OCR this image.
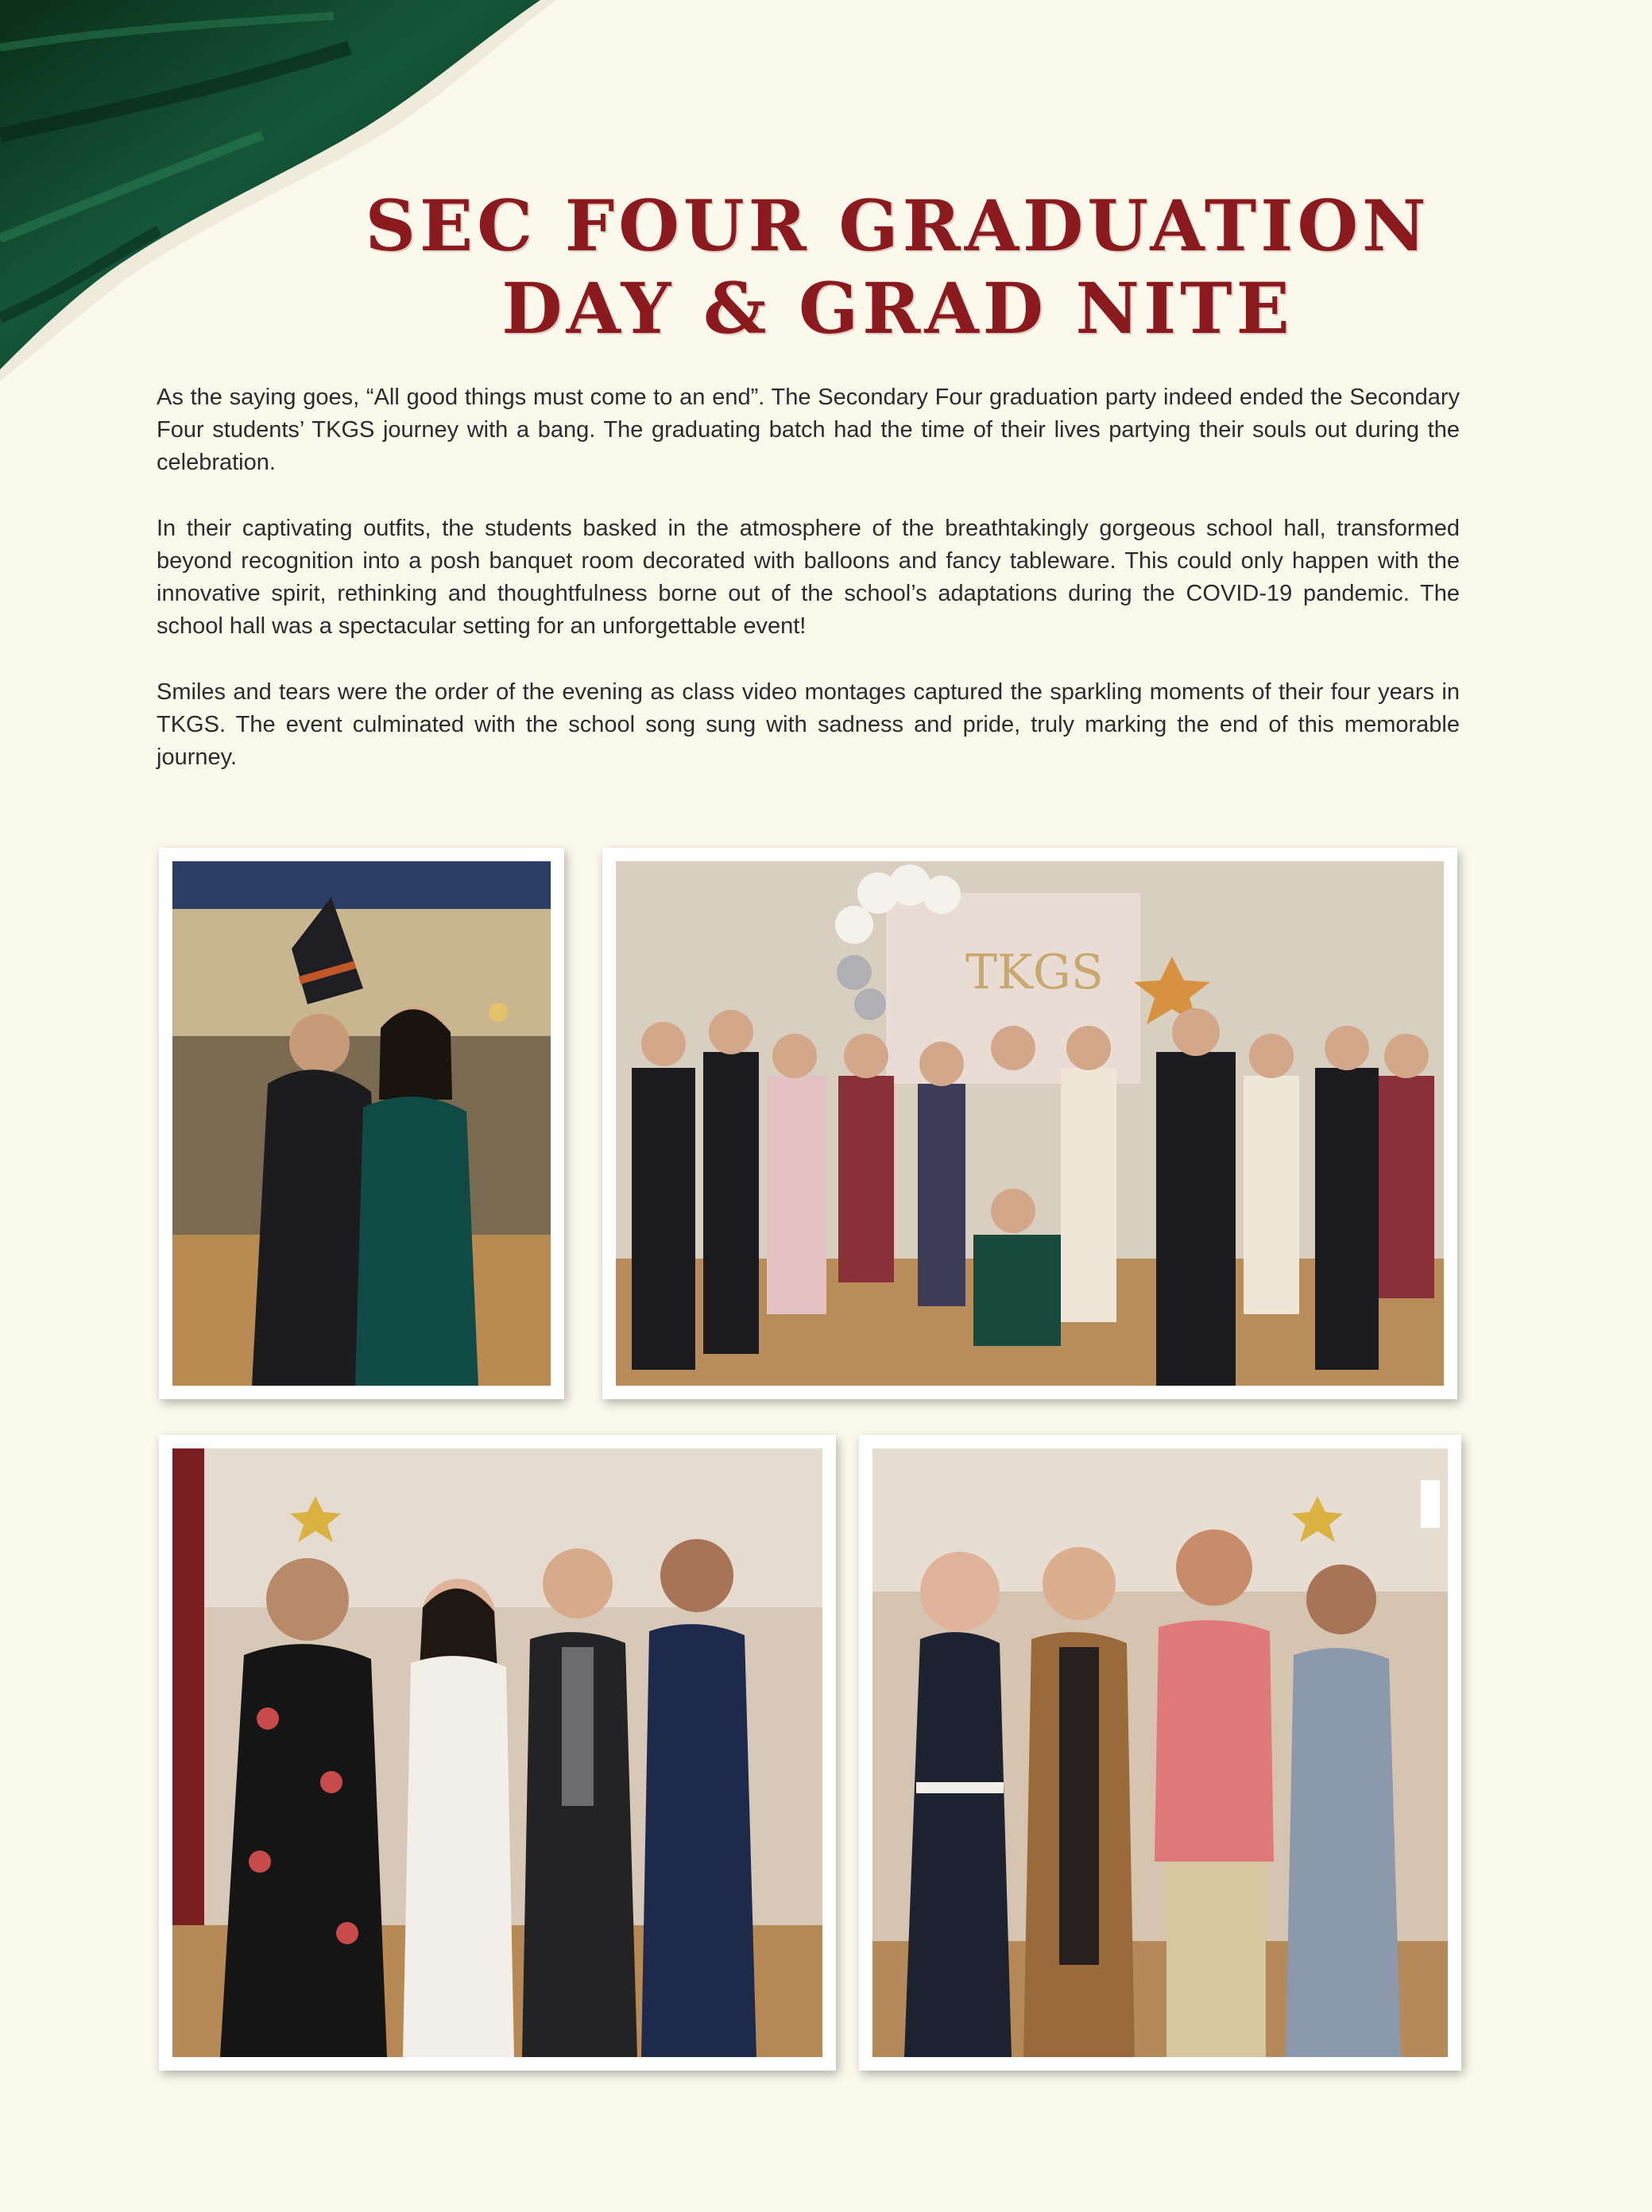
SEC FOUR GRADUATION
DAY & GRAD NITE

As the saying goes, “All good things must come to an end”. The Secondary Four graduation party indeed ended the Secondary Four students’ TKGS journey with a bang. The graduating batch had the time of their lives partying their souls out during the celebration.

In their captivating outfits, the students basked in the atmosphere of the breathtakingly gorgeous school hall, transformed beyond recognition into a posh banquet room decorated with balloons and fancy tableware. This could only happen with the innovative spirit, rethinking and thoughtfulness borne out of the school’s adaptations during the COVID-19 pandemic. The school hall was a spectacular setting for an unforgettable event!

Smiles and tears were the order of the evening as class video montages captured the sparkling moments of their four years in TKGS. The event culminated with the school song sung with sadness and pride, truly marking the end of this memorable journey.

TKGS
